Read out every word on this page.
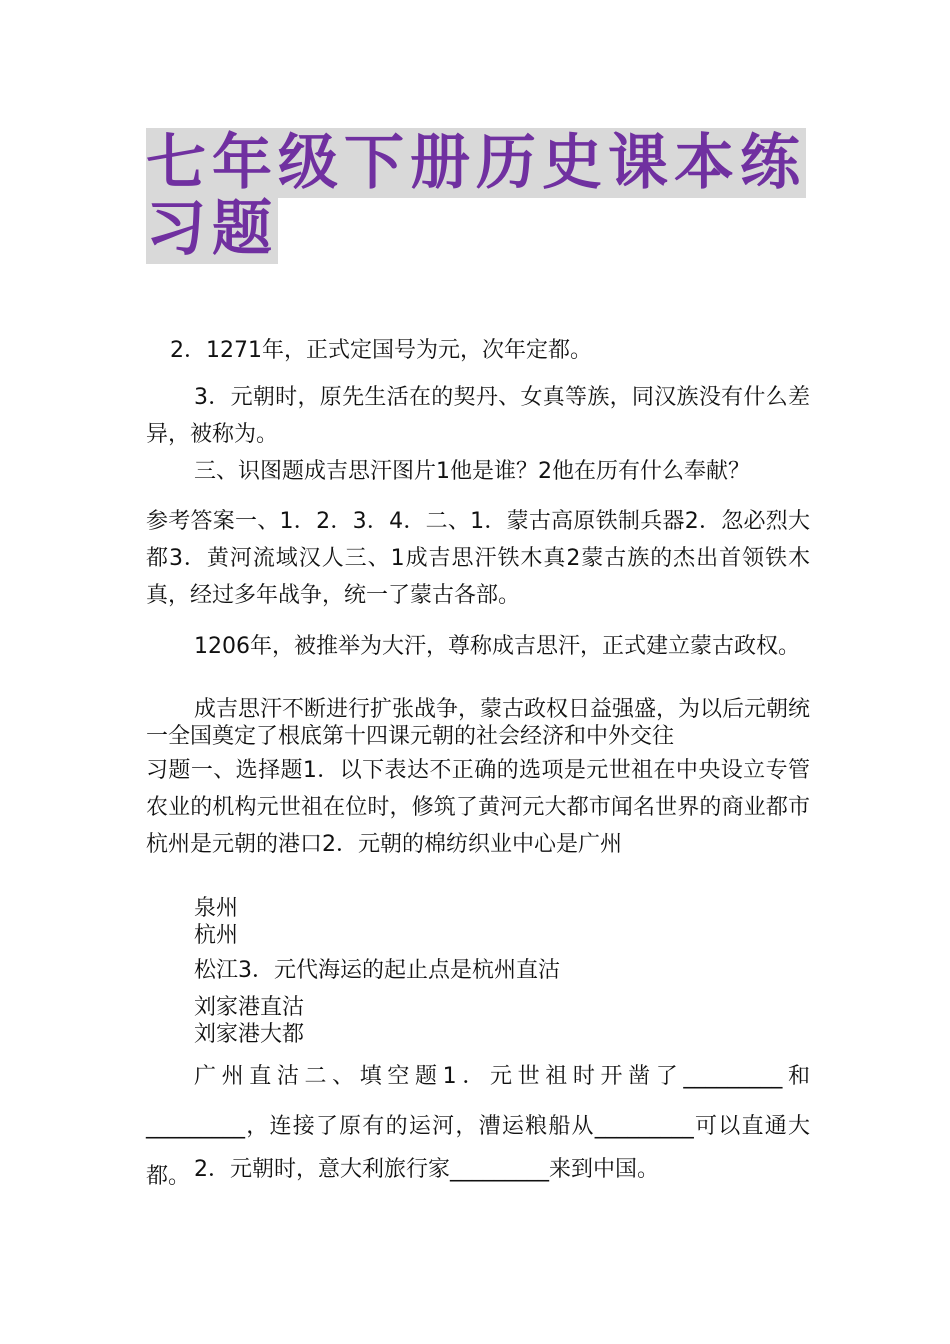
七年级下册历史课本练习题

2．1271年，正式定国号为元，次年定都。

3．元朝时，原先生活在的契丹、女真等族，同汉族没有什么差异，被称为。

三、识图题成吉思汗图片1他是谁？2他在历有什么奉献？

参考答案一、1．2．3．4．二、1．蒙古高原铁制兵器2．忽必烈大都3．黄河流域汉人三、1成吉思汗铁木真2蒙古族的杰出首领铁木真，经过多年战争，统一了蒙古各部。

1206年，被推举为大汗，尊称成吉思汗，正式建立蒙古政权。

成吉思汗不断进行扩张战争，蒙古政权日益强盛，为以后元朝统一全国奠定了根底第十四课元朝的社会经济和中外交往

习题一、选择题1．以下表达不正确的选项是元世祖在中央设立专管农业的机构元世祖在位时，修筑了黄河元大都市闻名世界的商业都市杭州是元朝的港口2．元朝的棉纺织业中心是广州

泉州

杭州

松江3．元代海运的起止点是杭州直沽

刘家港直沽

刘家港大都

广州直沽二、填空题1．元世祖时开凿了_________和_________，连接了原有的运河，漕运粮船从_________可以直通大都。 2．元朝时，意大利旅行家_________来到中国。
